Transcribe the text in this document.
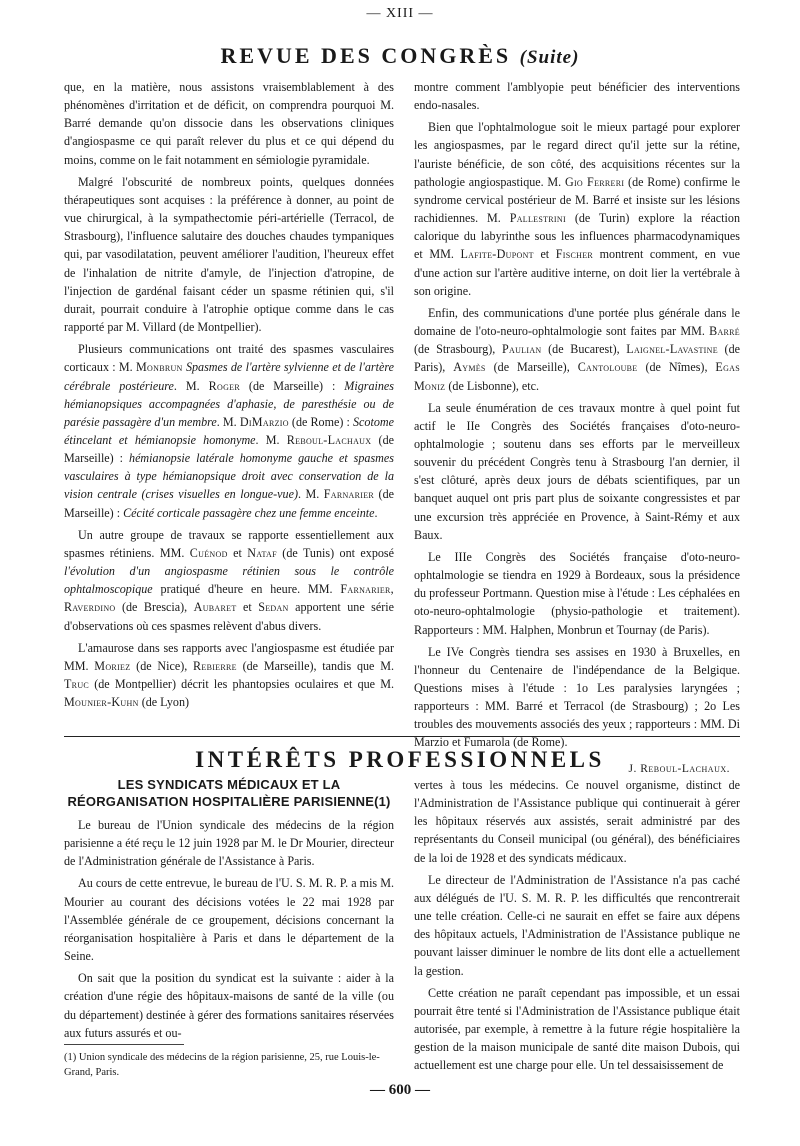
— XIII —
REVUE DES CONGRÈS (Suite)

que, en la matière, nous assistons vraisemblablement à des phénomènes d'irritation et de déficit, on comprendra pourquoi M. Barré demande qu'on dissocie dans les observations cliniques d'angiospasme ce qui paraît relever du plus et ce qui dépend du moins, comme on le fait notamment en sémiologie pyramidale.

Malgré l'obscurité de nombreux points, quelques données thérapeutiques sont acquises : la préférence à donner, au point de vue chirurgical, à la sympathectomie péri-artérielle (Terracol, de Strasbourg), l'influence salutaire des douches chaudes tympaniques qui, par vasodilatation, peuvent améliorer l'audition, l'heureux effet de l'inhalation de nitrite d'amyle, de l'injection d'atropine, de l'injection de gardénal faisant céder un spasme rétinien qui, s'il durait, pourrait conduire à l'atrophie optique comme dans le cas rapporté par M. Villard (de Montpellier).

Plusieurs communications ont traité des spasmes vasculaires corticaux : M. Monbrun Spasmes de l'artère sylvienne et de l'artère cérébrale postérieure. M. Roger (de Marseille) : Migraines hémianopsiques accompagnées d'aphasie, de paresthésie ou de parésie passagère d'un membre. M. DiMarzio (de Rome) : Scotome étincelant et hémianopsie homonyme. M. Reboul-Lachaux (de Marseille) : hémianopsie latérale homonyme gauche et spasmes vasculaires à type hémianopsique droit avec conservation de la vision centrale (crises visuelles en longue-vue). M. Farnarier (de Marseille) : Cécité corticale passagère chez une femme enceinte.

Un autre groupe de travaux se rapporte essentiellement aux spasmes rétiniens. MM. Cuénod et Nataf (de Tunis) ont exposé l'évolution d'un angiospasme rétinien sous le contrôle ophtalmoscopique pratiqué d'heure en heure. MM. Farnarier, Raverdino (de Brescia), Aubaret et Sedan apportent une série d'observations où ces spasmes relèvent d'abus divers.

L'amaurose dans ses rapports avec l'angiospasme est étudiée par MM. Moriez (de Nice), Rebierre (de Marseille), tandis que M. Truc (de Montpellier) décrit les phantopsies oculaires et que M. Mounier-Kuhn (de Lyon)

montre comment l'amblyopie peut bénéficier des interventions endo-nasales.

Bien que l'ophtalmologue soit le mieux partagé pour explorer les angiospasmes, par le regard direct qu'il jette sur la rétine, l'auriste bénéficie, de son côté, des acquisitions récentes sur la pathologie angiospastique. M. Gio Ferreri (de Rome) confirme le syndrome cervical postérieur de M. Barré et insiste sur les lésions rachidiennes. M. Pallestrini (de Turin) explore la réaction calorique du labyrinthe sous les influences pharmacodynamiques et MM. Lafite-Dupont et Fischer montrent comment, en vue d'une action sur l'artère auditive interne, on doit lier la vertébrale à son origine.

Enfin, des communications d'une portée plus générale dans le domaine de l'oto-neuro-ophtalmologie sont faites par MM. Barré (de Strasbourg), Paulian (de Bucarest), Laignel-Lavastine (de Paris), Aymès (de Marseille), Cantoloube (de Nîmes), Egas Moniz (de Lisbonne), etc.

La seule énumération de ces travaux montre à quel point fut actif le IIe Congrès des Sociétés françaises d'oto-neuro-ophtalmologie ; soutenu dans ses efforts par le merveilleux souvenir du précédent Congrès tenu à Strasbourg l'an dernier, il s'est clôturé, après deux jours de débats scientifiques, par un banquet auquel ont pris part plus de soixante congressistes et par une excursion très appréciée en Provence, à Saint-Rémy et aux Baux.

Le IIIe Congrès des Sociétés française d'oto-neuro-ophtalmologie se tiendra en 1929 à Bordeaux, sous la présidence du professeur Portmann. Question mise à l'étude : Les céphalées en oto-neuro-ophtalmologie (physio-pathologie et traitement). Rapporteurs : MM. Halphen, Monbrun et Tournay (de Paris).

Le IVe Congrès tiendra ses assises en 1930 à Bruxelles, en l'honneur du Centenaire de l'indépendance de la Belgique. Questions mises à l'étude : 1o Les paralysies laryngées ; rapporteurs : MM. Barré et Terracol (de Strasbourg) ; 2o Les troubles des mouvements associés des yeux ; rapporteurs : MM. Di Marzio et Fumarola (de Rome).

J. Reboul-Lachaux.
INTÉRÊTS PROFESSIONNELS
LES SYNDICATS MÉDICAUX ET LA
RÉORGANISATION HOSPITALIÈRE PARISIENNE(1)

Le bureau de l'Union syndicale des médecins de la région parisienne a été reçu le 12 juin 1928 par M. le Dr Mourier, directeur de l'Administration générale de l'Assistance à Paris.

Au cours de cette entrevue, le bureau de l'U. S. M. R. P. a mis M. Mourier au courant des décisions votées le 22 mai 1928 par l'Assemblée générale de ce groupement, décisions concernant la réorganisation hospitalière à Paris et dans le département de la Seine.

On sait que la position du syndicat est la suivante : aider à la création d'une régie des hôpitaux-maisons de santé de la ville (ou du département) destinée à gérer des formations sanitaires réservées aux futurs assurés et ou-

vertes à tous les médecins. Ce nouvel organisme, distinct de l'Administration de l'Assistance publique qui continuerait à gérer les hôpitaux réservés aux assistés, serait administré par des représentants du Conseil municipal (ou général), des bénéficiaires de la loi de 1928 et des syndicats médicaux.

Le directeur de l'Administration de l'Assistance n'a pas caché aux délégués de l'U. S. M. R. P. les difficultés que rencontrerait une telle création. Celle-ci ne saurait en effet se faire aux dépens des hôpitaux actuels, l'Administration de l'Assistance publique ne pouvant laisser diminuer le nombre de lits dont elle a actuellement la gestion.

Cette création ne paraît cependant pas impossible, et un essai pourrait être tenté si l'Administration de l'Assistance publique était autorisée, par exemple, à remettre à la future régie hospitalière la gestion de la maison municipale de santé dite maison Dubois, qui actuellement est une charge pour elle. Un tel dessaisissement de

(1) Union syndicale des médecins de la région parisienne, 25, rue Louis-le-Grand, Paris.
— 600 —
